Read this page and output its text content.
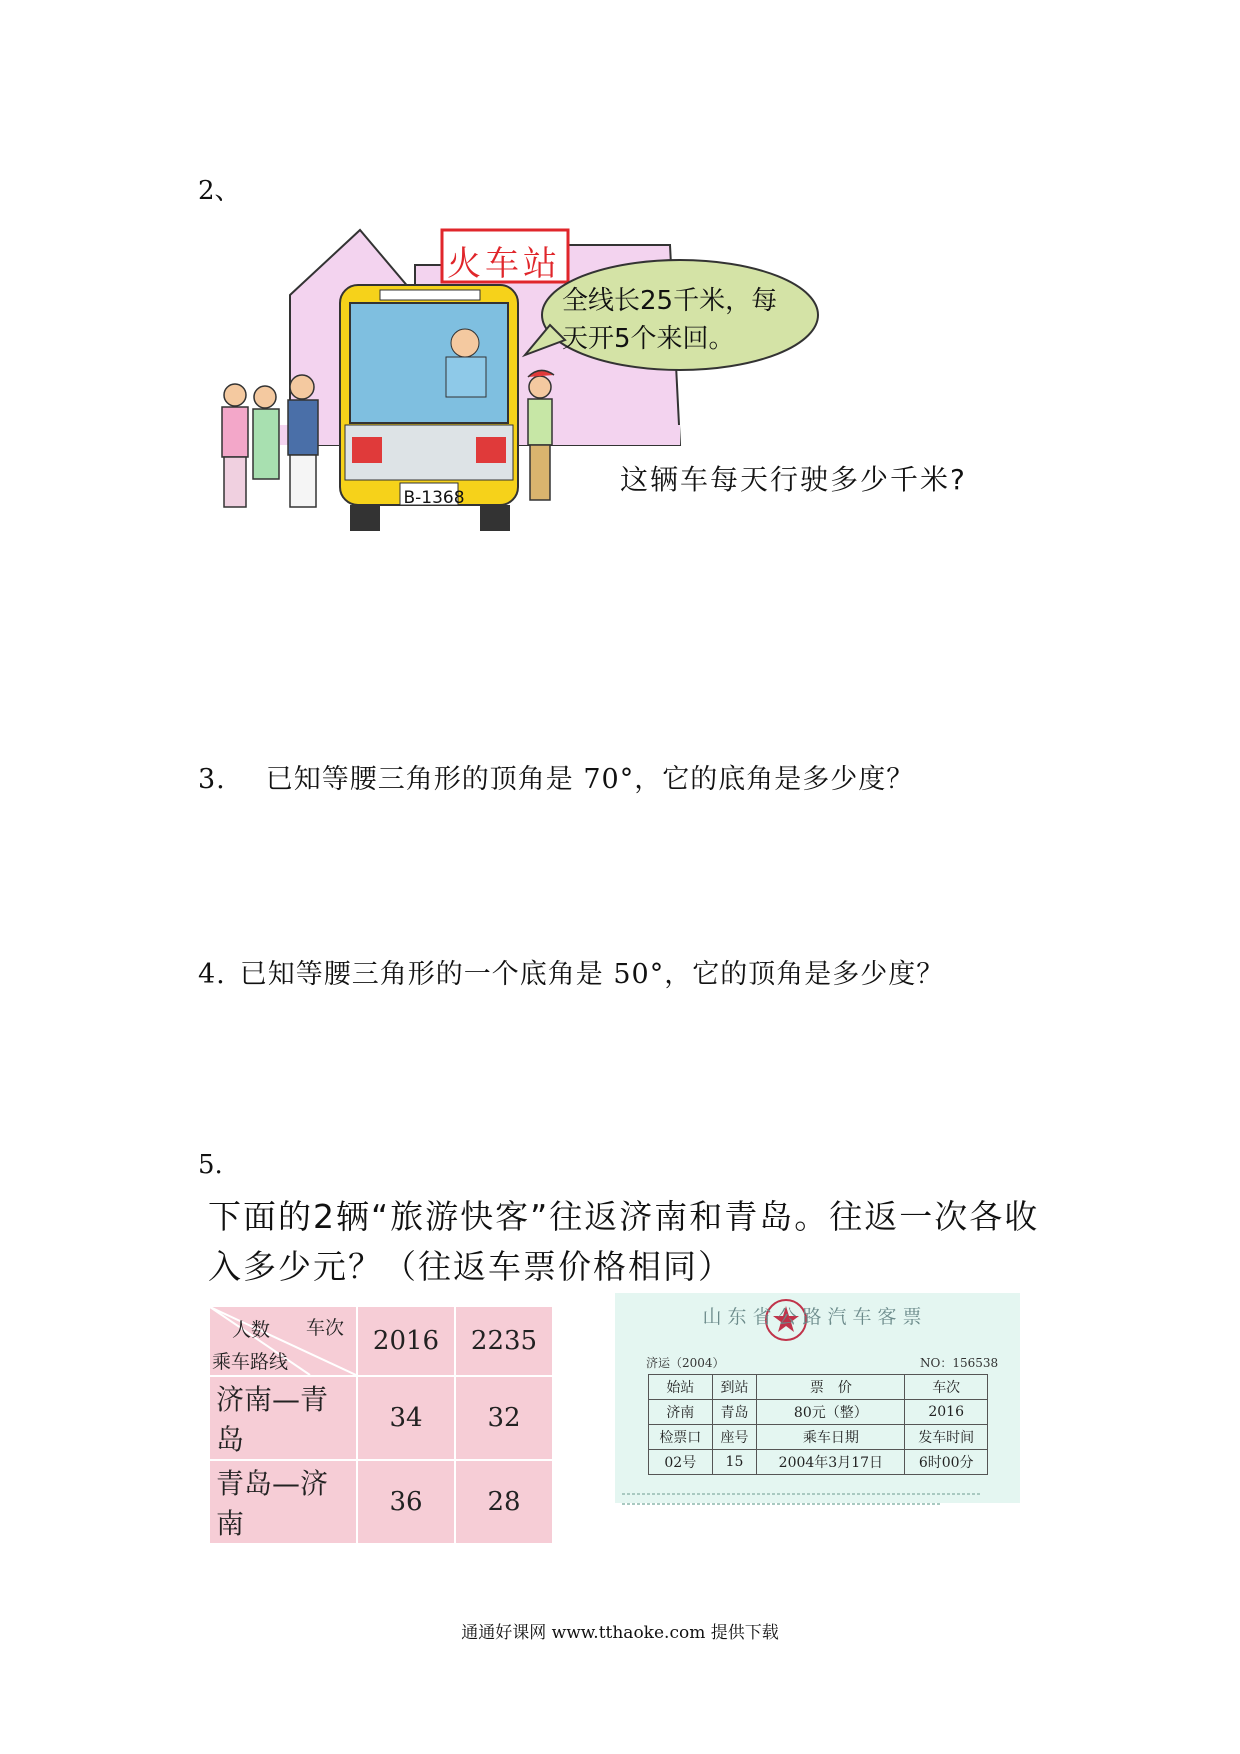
2、
火车站
全线长25千米，每天开5个来回。
B-1368
这辆车每天行驶多少千米?
3. 已知等腰三角形的顶角是 70°，它的底角是多少度？
4. 已知等腰三角形的一个底角是 50°，它的顶角是多少度？
5.
下面的2辆“旅游快客”往返济南和青岛。往返一次各收入多少元？（往返车票价格相同）
人数 车次
乘车路线	2016	2235
济南—青岛	34	32
青岛—济南	36	28
山东省公路汽车客票
济运（2004）	NO：156538
始站	到站	票　价	车次
济南	青岛	80元（整）	2016
检票口	座号	乘车日期	发车时间
02号	15	2004年3月17日	6时00分
通通好课网 www.tthaoke.com 提供下载
